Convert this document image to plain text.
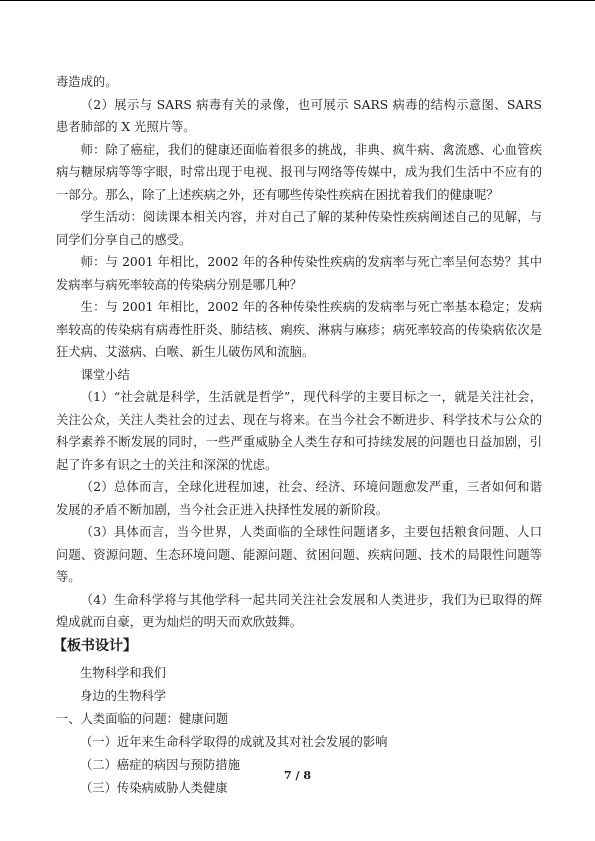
毒造成的。

（2）展示与 SARS 病毒有关的录像，也可展示 SARS 病毒的结构示意图、SARS 患者肺部的 X 光照片等。

师：除了癌症，我们的健康还面临着很多的挑战，非典、疯牛病、禽流感、心血管疾病与糖尿病等等字眼，时常出现于电视、报刊与网络等传媒中，成为我们生活中不应有的一部分。那么，除了上述疾病之外，还有哪些传染性疾病在困扰着我们的健康呢？

学生活动：阅读课本相关内容，并对自己了解的某种传染性疾病阐述自己的见解，与同学们分享自己的感受。

师：与 2001 年相比，2002 年的各种传染性疾病的发病率与死亡率呈何态势？其中发病率与病死率较高的传染病分别是哪几种？

生：与 2001 年相比，2002 年的各种传染性疾病的发病率与死亡率基本稳定；发病率较高的传染病有病毒性肝炎、肺结核、痢疾、淋病与麻疹；病死率较高的传染病依次是狂犬病、艾滋病、白喉、新生儿破伤风和流脑。

课堂小结

（1）“社会就是科学，生活就是哲学”，现代科学的主要目标之一，就是关注社会，关注公众，关注人类社会的过去、现在与将来。在当今社会不断进步、科学技术与公众的科学素养不断发展的同时，一些严重威胁全人类生存和可持续发展的问题也日益加剧，引起了许多有识之士的关注和深深的忧虑。

（2）总体而言，全球化进程加速，社会、经济、环境问题愈发严重，三者如何和谐发展的矛盾不断加剧，当今社会正进入抉择性发展的新阶段。

（3）具体而言，当今世界，人类面临的全球性问题诸多，主要包括粮食问题、人口问题、资源问题、生态环境问题、能源问题、贫困问题、疾病问题、技术的局限性问题等等。

（4）生命科学将与其他学科一起共同关注社会发展和人类进步，我们为已取得的辉煌成就而自豪，更为灿烂的明天而欢欣鼓舞。

【板书设计】

生物科学和我们

身边的生物科学

一、人类面临的问题：健康问题

（一）近年来生命科学取得的成就及其对社会发展的影响

（二）癌症的病因与预防措施

（三）传染病威胁人类健康

7 / 8
